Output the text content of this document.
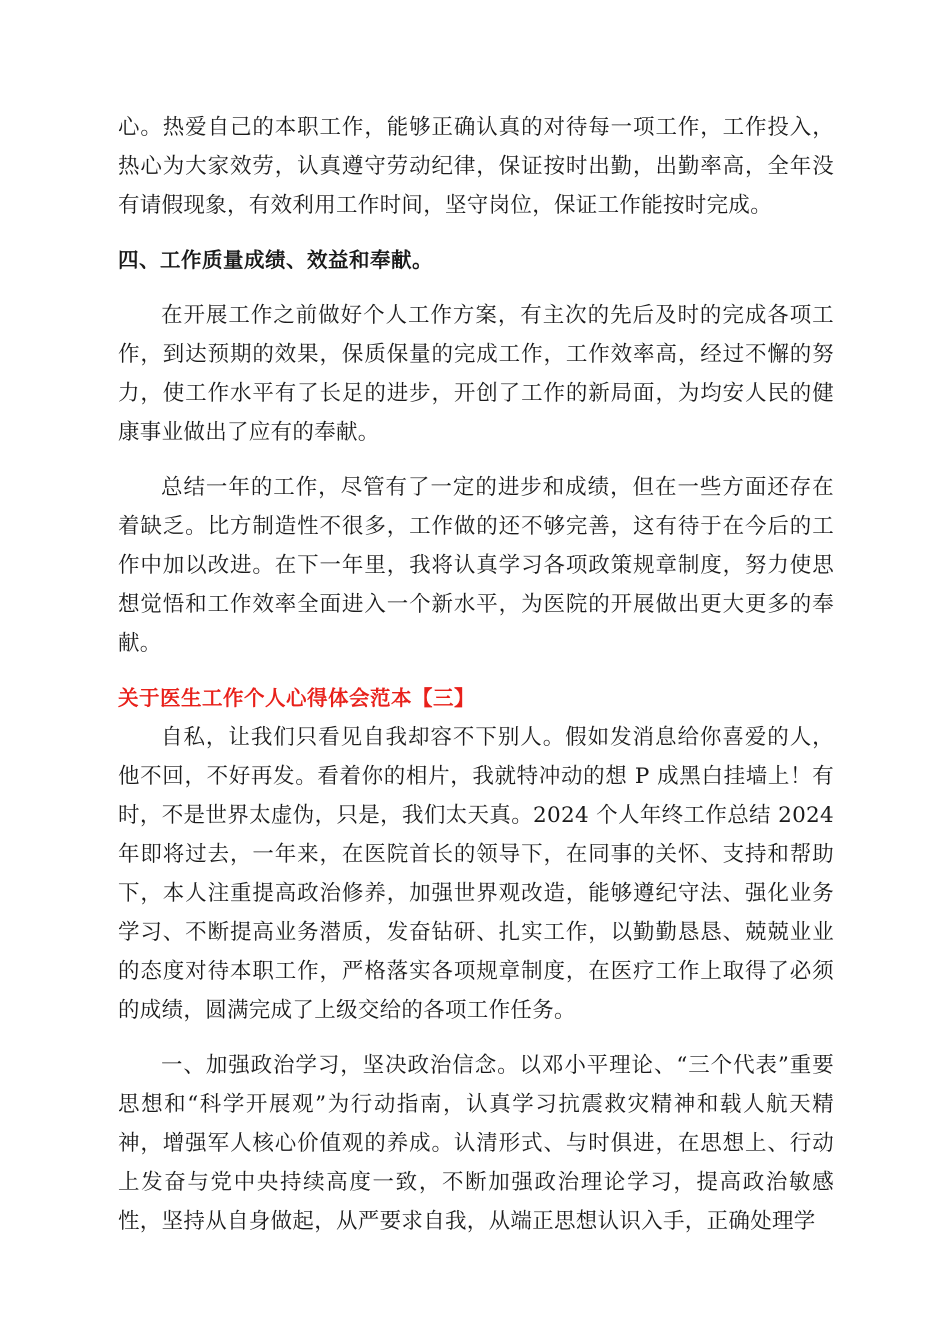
心。热爱自己的本职工作，能够正确认真的对待每一项工作，工作投入，热心为大家效劳，认真遵守劳动纪律，保证按时出勤，出勤率高，全年没有请假现象，有效利用工作时间，坚守岗位，保证工作能按时完成。

四、工作质量成绩、效益和奉献。

在开展工作之前做好个人工作方案，有主次的先后及时的完成各项工作，到达预期的效果，保质保量的完成工作，工作效率高，经过不懈的努力，使工作水平有了长足的进步，开创了工作的新局面，为均安人民的健康事业做出了应有的奉献。

总结一年的工作，尽管有了一定的进步和成绩，但在一些方面还存在着缺乏。比方制造性不很多，工作做的还不够完善，这有待于在今后的工作中加以改进。在下一年里，我将认真学习各项政策规章制度，努力使思想觉悟和工作效率全面进入一个新水平，为医院的开展做出更大更多的奉献。

关于医生工作个人心得体会范本【三】

自私，让我们只看见自我却容不下别人。假如发消息给你喜爱的人，他不回，不好再发。看着你的相片，我就特冲动的想 P 成黑白挂墙上！有时，不是世界太虚伪，只是，我们太天真。2024 个人年终工作总结 2024 年即将过去，一年来，在医院首长的领导下，在同事的关怀、支持和帮助下，本人注重提高政治修养，加强世界观改造，能够遵纪守法、强化业务学习、不断提高业务潜质，发奋钻研、扎实工作，以勤勤恳恳、兢兢业业的态度对待本职工作，严格落实各项规章制度，在医疗工作上取得了必须的成绩，圆满完成了上级交给的各项工作任务。

一、加强政治学习，坚决政治信念。以邓小平理论、“三个代表”重要思想和“科学开展观”为行动指南，认真学习抗震救灾精神和载人航天精神，增强军人核心价值观的养成。认清形式、与时俱进，在思想上、行动上发奋与党中央持续高度一致，不断加强政治理论学习，提高政治敏感性，坚持从自身做起，从严要求自我，从端正思想认识入手，正确处理学
